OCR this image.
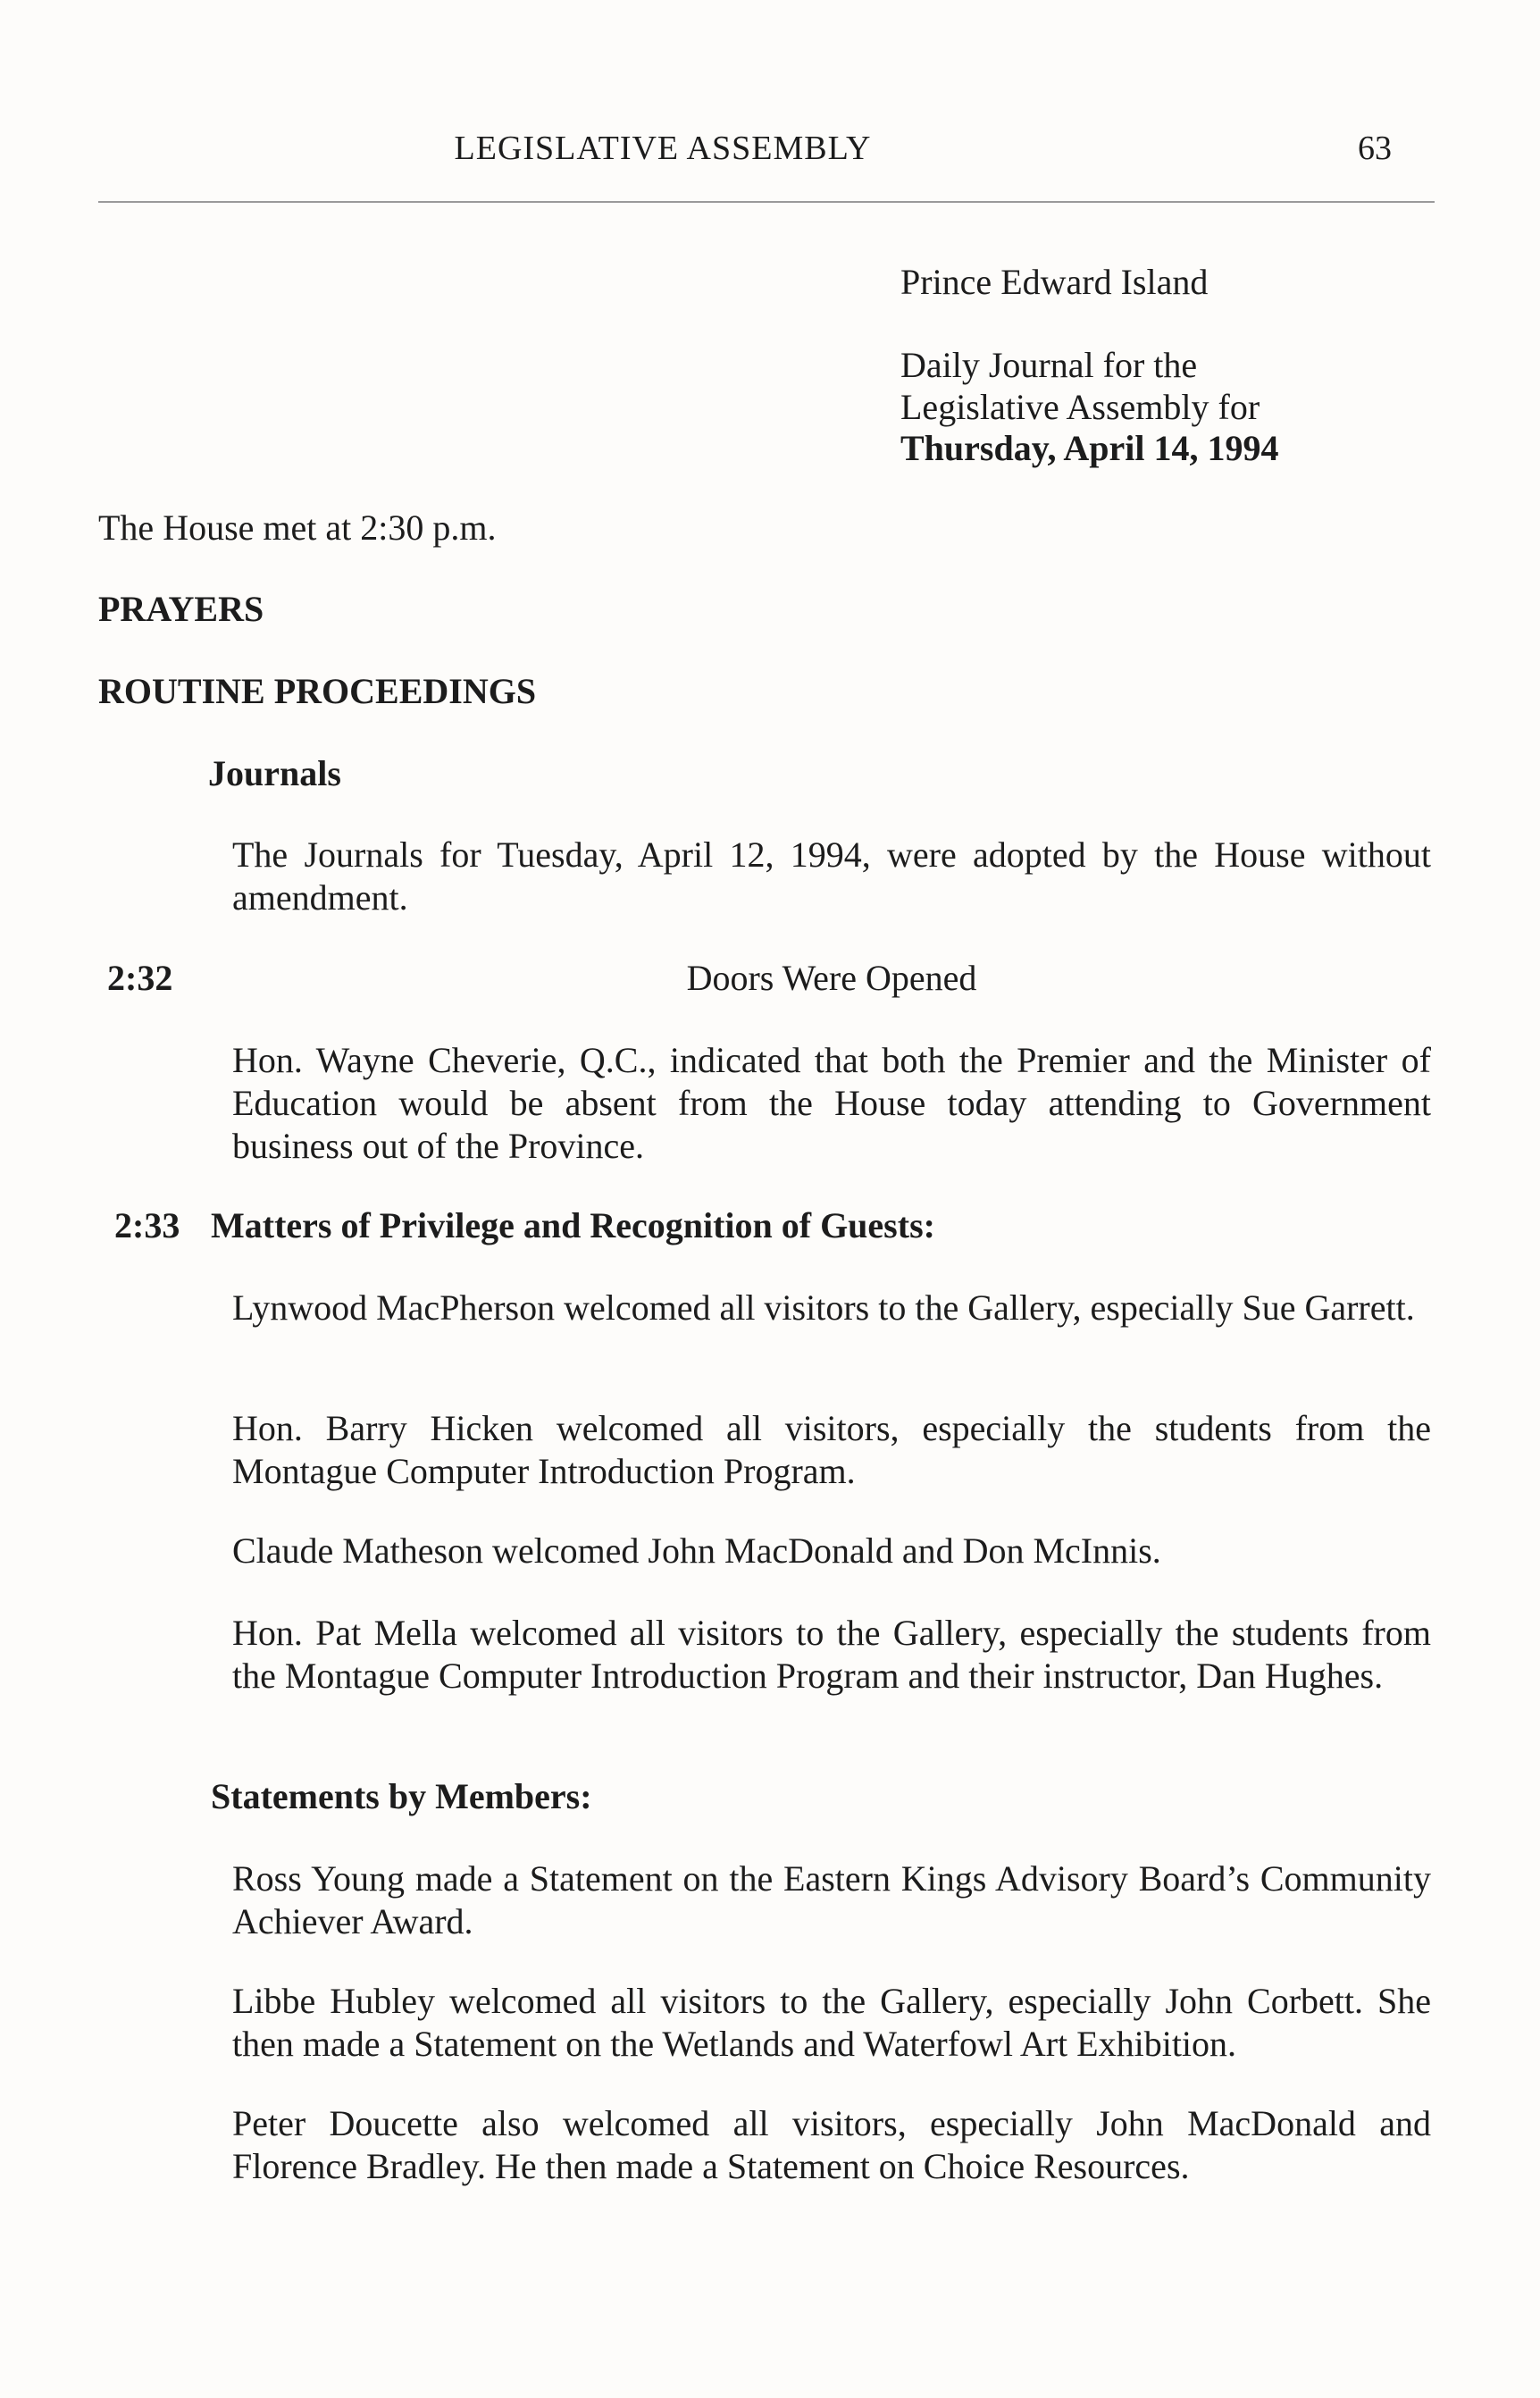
LEGISLATIVE ASSEMBLY	63
Prince Edward Island
Daily Journal for the
Legislative Assembly for
Thursday, April 14, 1994
The House met at 2:30 p.m.
PRAYERS
ROUTINE PROCEEDINGS
Journals
The Journals for Tuesday, April 12, 1994, were adopted by the House without amendment.
2:32	Doors Were Opened
Hon. Wayne Cheverie, Q.C., indicated that both the Premier and the Minister of Education would be absent from the House today attending to Government business out of the Province.
2:33 Matters of Privilege and Recognition of Guests:
Lynwood MacPherson welcomed all visitors to the Gallery, especially Sue Garrett.
Hon. Barry Hicken welcomed all visitors, especially the students from the Montague Computer Introduction Program.
Claude Matheson welcomed John MacDonald and Don McInnis.
Hon. Pat Mella welcomed all visitors to the Gallery, especially the students from the Montague Computer Introduction Program and their instructor, Dan Hughes.
Statements by Members:
Ross Young made a Statement on the Eastern Kings Advisory Board’s Community Achiever Award.
Libbe Hubley welcomed all visitors to the Gallery, especially John Corbett. She then made a Statement on the Wetlands and Waterfowl Art Exhibition.
Peter Doucette also welcomed all visitors, especially John MacDonald and Florence Bradley. He then made a Statement on Choice Resources.
